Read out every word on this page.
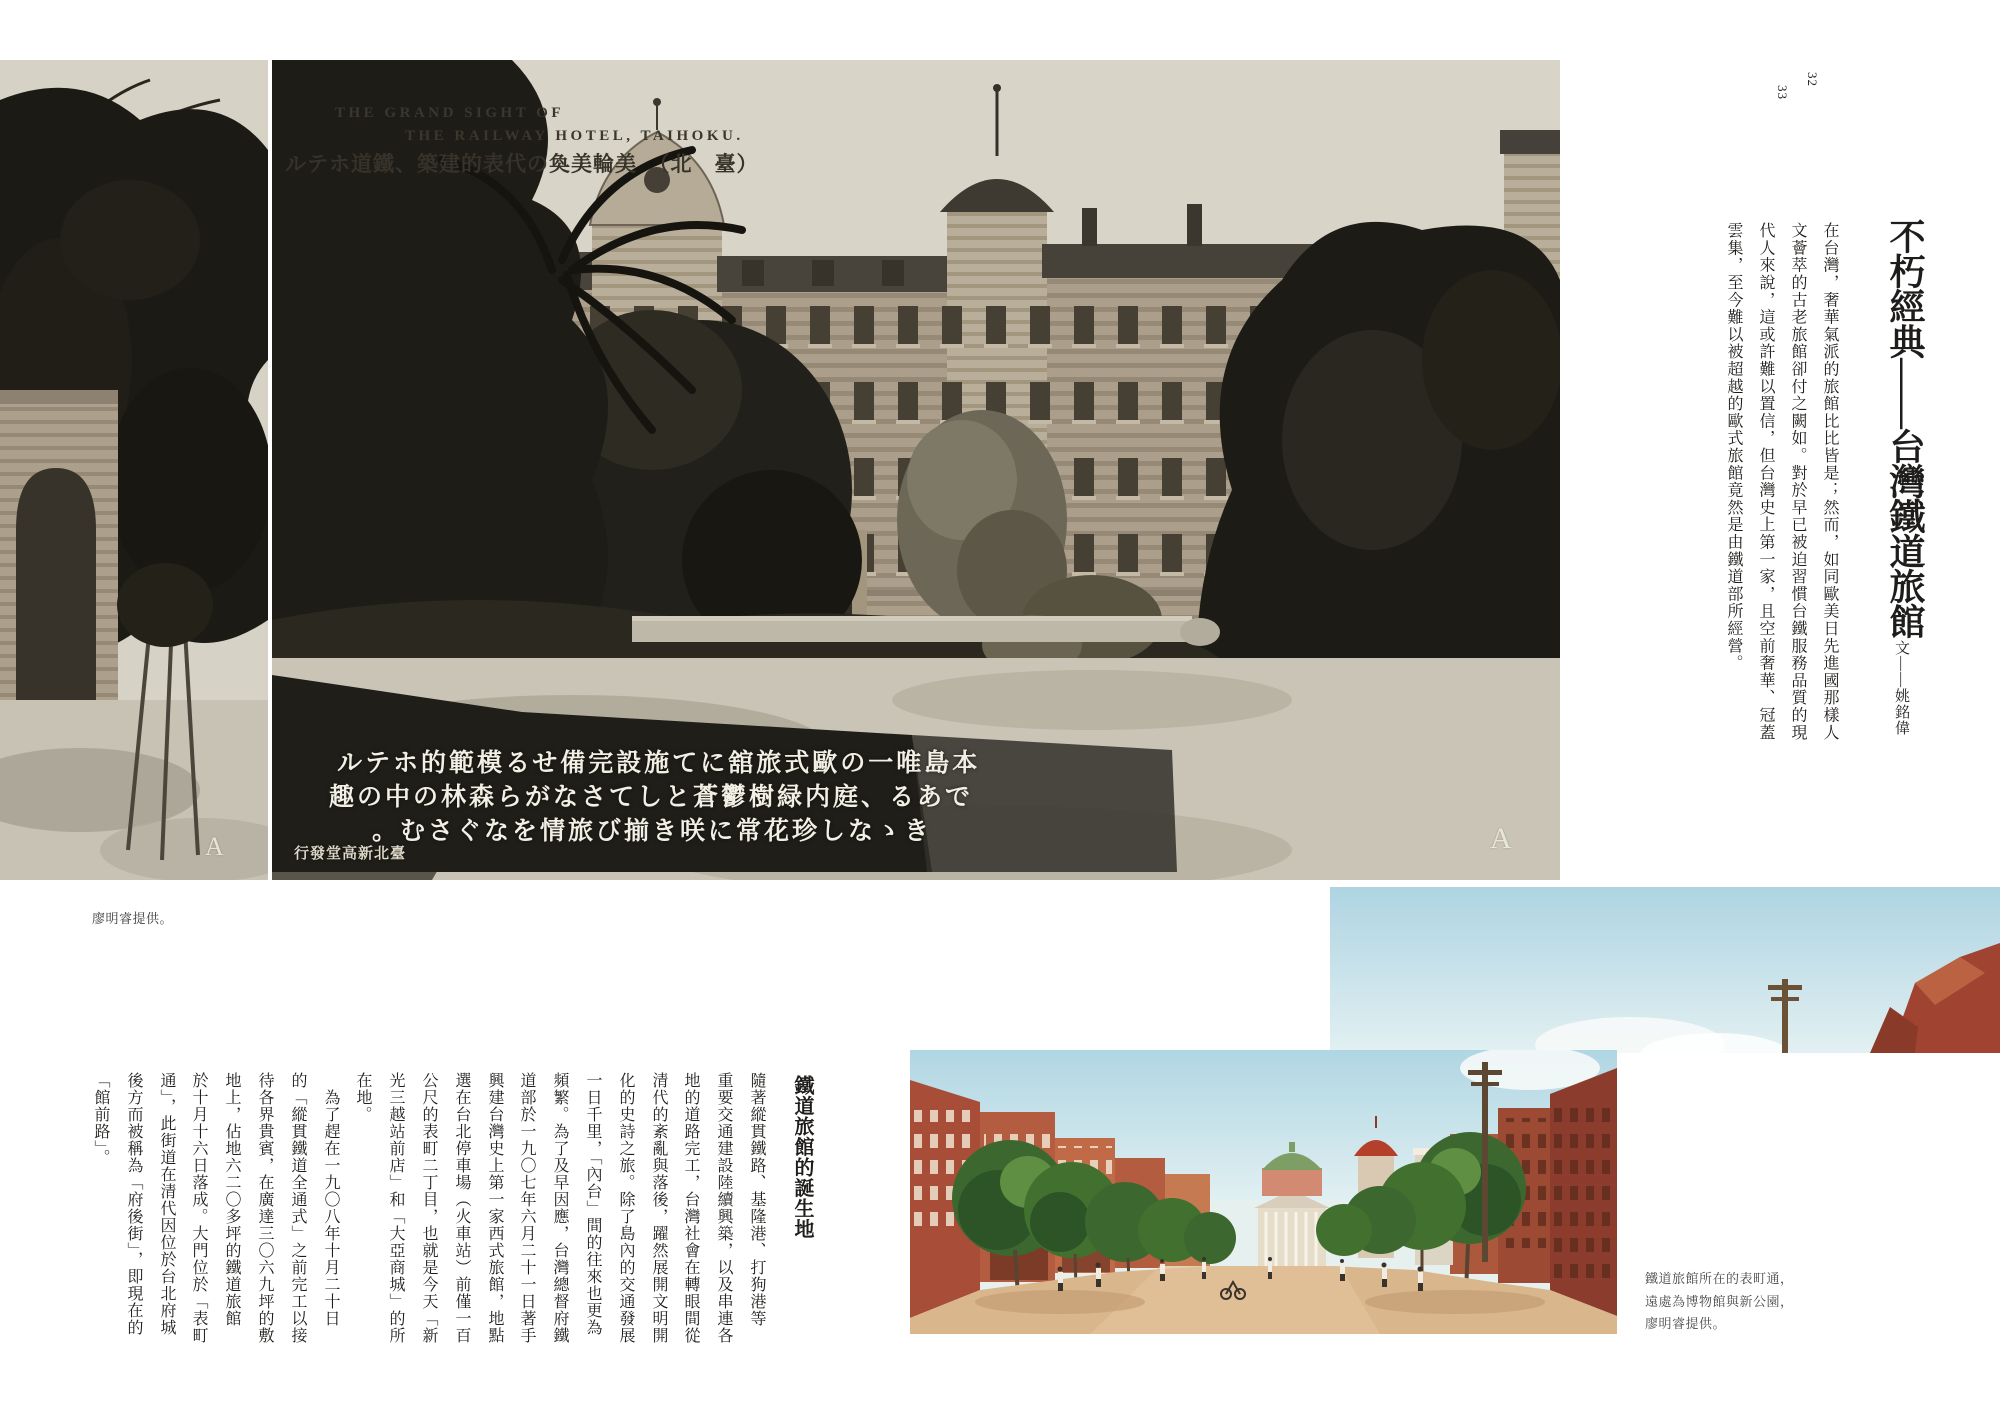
A
THE GRAND SIGHT OF
THE RAILWAY HOTEL, TAIHOKU.
ルテホ道鐵、築建的表代の奐美輪美　（北　臺）
ルテホ的範模るせ備完設施てに舘旅式歐の一唯島本
趣の中の林森らがなさてしと蒼鬱樹緑内庭、るあで
。むさぐなを情旅び揃き咲に常花珍しなゝき
行發堂高新北臺	A
廖明睿提供。
32
33
不朽經典——台灣鐵道旅館
文——姚銘偉
在台灣，奢華氣派的旅館比比皆是；然而，如同歐美日先進國那樣人
文薈萃的古老旅館卻付之闕如。對於早已被迫習慣台鐵服務品質的現
代人來說，這或許難以置信，但台灣史上第一家，且空前奢華、冠蓋
雲集，至今難以被超越的歐式旅館竟然是由鐵道部所經營。
鐵道旅館的誕生地
隨著縱貫鐵路、基隆港、打狗港等
重要交通建設陸續興築，以及串連各
地的道路完工，台灣社會在轉眼間從
清代的紊亂與落後，躍然展開文明開
化的史詩之旅。除了島內的交通發展
一日千里，「內台」間的往來也更為
頻繁。為了及早因應，台灣總督府鐵
道部於一九〇七年六月二十一日著手
興建台灣史上第一家西式旅館，地點
選在台北停車場（火車站）前僅一百
公尺的表町二丁目，也就是今天「新
光三越站前店」和「大亞商城」的所
在地。
為了趕在一九〇八年十月二十日
的「縱貫鐵道全通式」之前完工以接
待各界貴賓，在廣達三〇六九坪的敷
地上，佔地六二〇多坪的鐵道旅館
於十月十六日落成。大門位於「表町
通」，此街道在清代因位於台北府城
後方而被稱為「府後街」，即現在的
「館前路」。
鐵道旅館所在的表町通，
遠處為博物館與新公園，
廖明睿提供。
